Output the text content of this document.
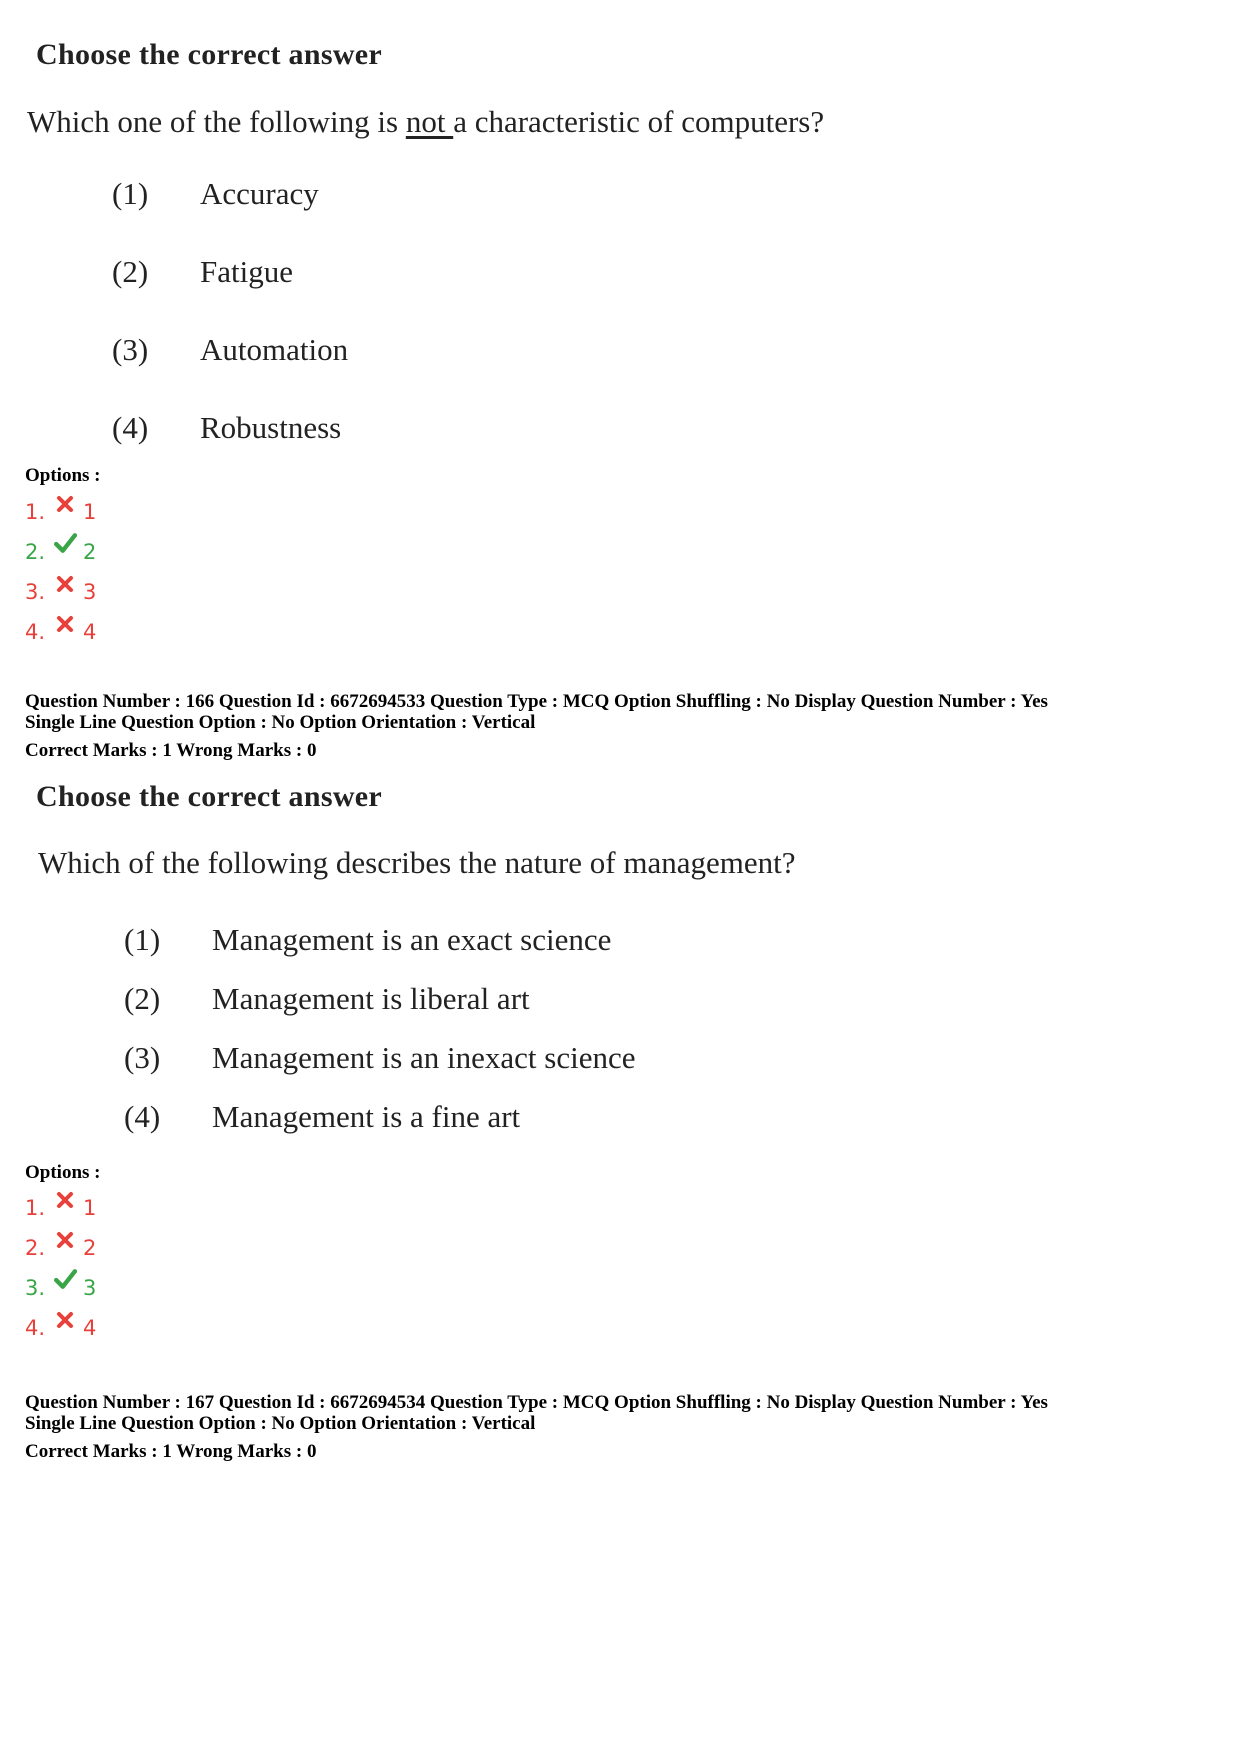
Choose the correct answer
Which one of the following is not a characteristic of computers?
(1) Accuracy
(2) Fatigue
(3) Automation
(4) Robustness
Options :
1. 1
2. 2
3. 3
4. 4
Question Number : 166 Question Id : 6672694533 Question Type : MCQ Option Shuffling : No Display Question Number : Yes
Single Line Question Option : No Option Orientation : Vertical
Correct Marks : 1 Wrong Marks : 0
Choose the correct answer
Which of the following describes the nature of management?
(1) Management is an exact science
(2) Management is liberal art
(3) Management is an inexact science
(4) Management is a fine art
Options :
1. 1
2. 2
3. 3
4. 4
Question Number : 167 Question Id : 6672694534 Question Type : MCQ Option Shuffling : No Display Question Number : Yes
Single Line Question Option : No Option Orientation : Vertical
Correct Marks : 1 Wrong Marks : 0
